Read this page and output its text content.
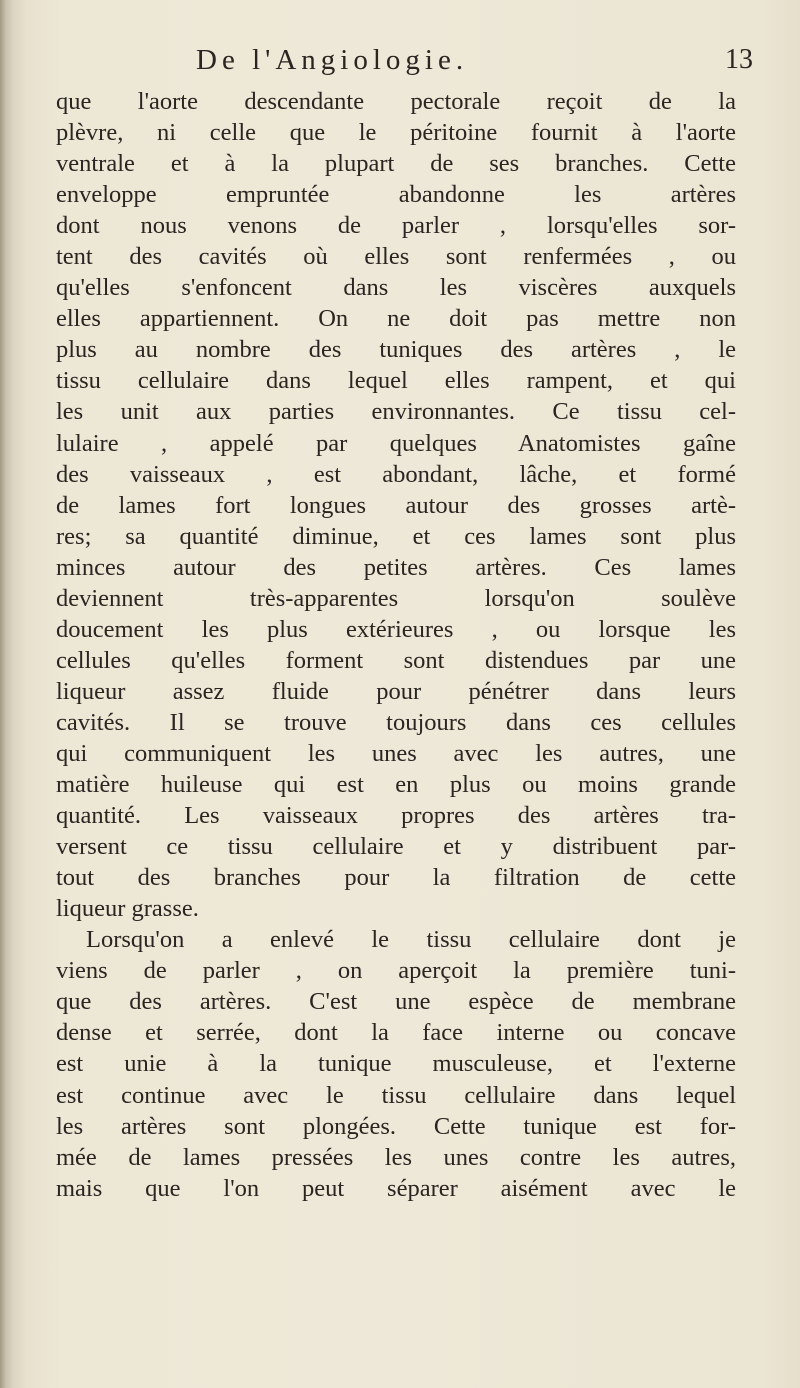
De l'Angiologie.	13
que l'aorte descendante pectorale reçoit de la
plèvre, ni celle que le péritoine fournit à l'aorte
ventrale et à la plupart de ses branches. Cette
enveloppe empruntée abandonne les artères
dont nous venons de parler , lorsqu'elles sor-
tent des cavités où elles sont renfermées , ou
qu'elles s'enfoncent dans les viscères auxquels
elles appartiennent. On ne doit pas mettre non
plus au nombre des tuniques des artères , le
tissu cellulaire dans lequel elles rampent, et qui
les unit aux parties environnantes. Ce tissu cel-
lulaire , appelé par quelques Anatomistes gaîne
des vaisseaux , est abondant, lâche, et formé
de lames fort longues autour des grosses artè-
res; sa quantité diminue, et ces lames sont plus
minces autour des petites artères. Ces lames
deviennent très-apparentes lorsqu'on soulève
doucement les plus extérieures , ou lorsque les
cellules qu'elles forment sont distendues par une
liqueur assez fluide pour pénétrer dans leurs
cavités. Il se trouve toujours dans ces cellules
qui communiquent les unes avec les autres, une
matière huileuse qui est en plus ou moins grande
quantité. Les vaisseaux propres des artères tra-
versent ce tissu cellulaire et y distribuent par-
tout des branches pour la filtration de cette
liqueur grasse.
Lorsqu'on a enlevé le tissu cellulaire dont je
viens de parler , on aperçoit la première tuni-
que des artères. C'est une espèce de membrane
dense et serrée, dont la face interne ou concave
est unie à la tunique musculeuse, et l'externe
est continue avec le tissu cellulaire dans lequel
les artères sont plongées. Cette tunique est for-
mée de lames pressées les unes contre les autres,
mais que l'on peut séparer aisément avec le
